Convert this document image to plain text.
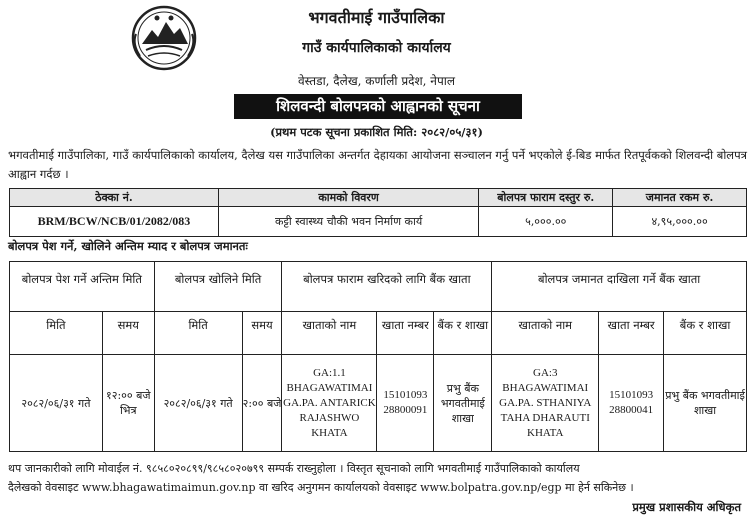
भगवतीमाई गाउँपालिका
गाउँ कार्यपालिकाको कार्यालय
वेस्तडा, दैलेख, कर्णाली प्रदेश, नेपाल
शिलवन्दी बोलपत्रको आह्वानको सूचना
(प्रथम पटक सूचना प्रकाशित मिति: २०८२/०५/३१)
भगवतीमाई गाउँपालिका, गाउँ कार्यपालिकाको कार्यालय, दैलेख यस गाउँपालिका अन्तर्गत देहायका आयोजना सञ्चालन गर्नु पर्ने भएकोले ई-बिड मार्फत रितपूर्वकको शिलवन्दी बोलपत्र आह्वान गर्दछ ।
ठेक्का नं.	कामको विवरण	बोलपत्र फाराम दस्तुर रु.	जमानत रकम रु.
BRM/BCW/NCB/01/2082/083	कट्टी स्वास्थ्य चौकी भवन निर्माण कार्य	५,०००.००	४,९५,०००.००
बोलपत्र पेश गर्ने, खोलिने अन्तिम म्याद र बोलपत्र जमानतः
बोलपत्र पेश गर्ने अन्तिम मिति		बोलपत्र खोलिने मिति		बोलपत्र फाराम खरिदको लागि बैंक खाता			बोलपत्र जमानत दाखिला गर्ने बैंक खाता		
मिति	समय	मिति	समय	खाताको नाम	खाता नम्बर	बैंक र शाखा	खाताको नाम	खाता नम्बर	बैंक र शाखा
२०८२/०६/३१ गते	१२:०० बजे भित्र	२०८२/०६/३१ गते	२:०० बजे	GA:1.1 BHAGAWATIMAI GA.PA. ANTARICK RAJASHWO KHATA	15101093 28800091	प्रभु बैंक भगवतीमाई शाखा	GA:3 BHAGAWATIMAI GA.PA. STHANIYA TAHA DHARAUTI KHATA	15101093 28800041	प्रभु बैंक भगवतीमाई शाखा
थप जानकारीको लागि मोवाईल नं. ९८५८०२०८९९/९८५८०२०७९९ सम्पर्क राख्नुहोला । विस्तृत सूचनाको लागि भगवतीमाई गाउँपालिकाको कार्यालय
दैलेखको वेवसाइट www.bhagawatimaimun.gov.np वा खरिद अनुगमन कार्यालयको वेवसाइट www.bolpatra.gov.np/egp मा हेर्न सकिनेछ ।
प्रमुख प्रशासकीय अधिकृत
